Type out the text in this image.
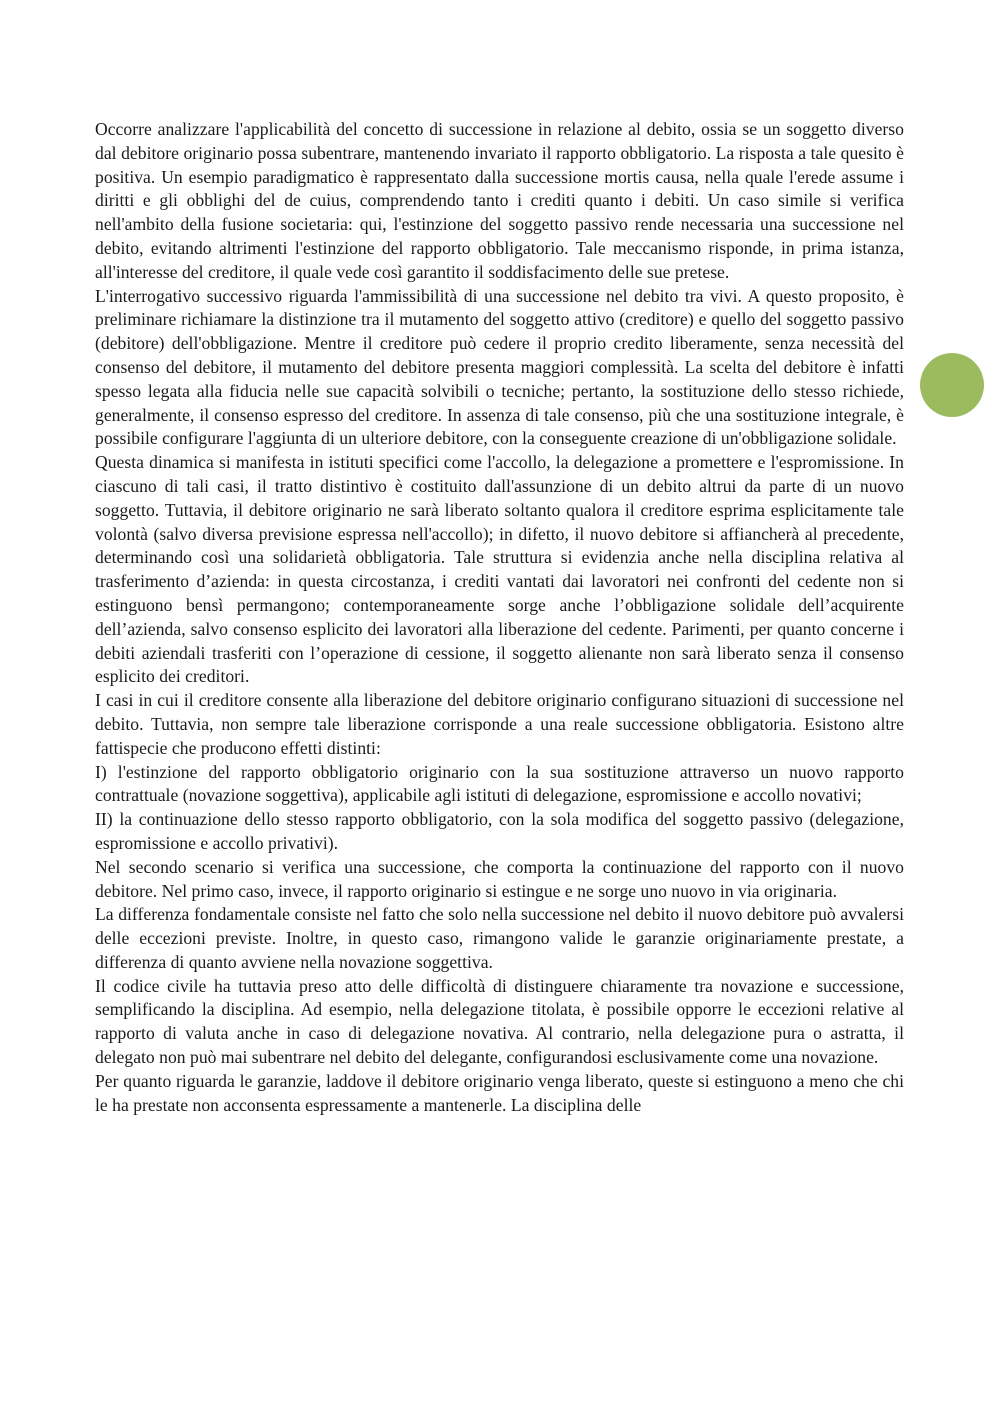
Occorre analizzare l'applicabilità del concetto di successione in relazione al debito, ossia se un soggetto diverso dal debitore originario possa subentrare, mantenendo invariato il rapporto obbligatorio. La risposta a tale quesito è positiva. Un esempio paradigmatico è rappresentato dalla successione mortis causa, nella quale l'erede assume i diritti e gli obblighi del de cuius, comprendendo tanto i crediti quanto i debiti. Un caso simile si verifica nell'ambito della fusione societaria: qui, l'estinzione del soggetto passivo rende necessaria una successione nel debito, evitando altrimenti l'estinzione del rapporto obbligatorio. Tale meccanismo risponde, in prima istanza, all'interesse del creditore, il quale vede così garantito il soddisfacimento delle sue pretese.

L'interrogativo successivo riguarda l'ammissibilità di una successione nel debito tra vivi. A questo proposito, è preliminare richiamare la distinzione tra il mutamento del soggetto attivo (creditore) e quello del soggetto passivo (debitore) dell'obbligazione. Mentre il creditore può cedere il proprio credito liberamente, senza necessità del consenso del debitore, il mutamento del debitore presenta maggiori complessità. La scelta del debitore è infatti spesso legata alla fiducia nelle sue capacità solvibili o tecniche; pertanto, la sostituzione dello stesso richiede, generalmente, il consenso espresso del creditore. In assenza di tale consenso, più che una sostituzione integrale, è possibile configurare l'aggiunta di un ulteriore debitore, con la conseguente creazione di un'obbligazione solidale.

Questa dinamica si manifesta in istituti specifici come l'accollo, la delegazione a promettere e l'espromissione. In ciascuno di tali casi, il tratto distintivo è costituito dall'assunzione di un debito altrui da parte di un nuovo soggetto. Tuttavia, il debitore originario ne sarà liberato soltanto qualora il creditore esprima esplicitamente tale volontà (salvo diversa previsione espressa nell'accollo); in difetto, il nuovo debitore si affiancherà al precedente, determinando così una solidarietà obbligatoria. Tale struttura si evidenzia anche nella disciplina relativa al trasferimento d’azienda: in questa circostanza, i crediti vantati dai lavoratori nei confronti del cedente non si estinguono bensì permangono; contemporaneamente sorge anche l’obbligazione solidale dell’acquirente dell’azienda, salvo consenso esplicito dei lavoratori alla liberazione del cedente. Parimenti, per quanto concerne i debiti aziendali trasferiti con l’operazione di cessione, il soggetto alienante non sarà liberato senza il consenso esplicito dei creditori.

I casi in cui il creditore consente alla liberazione del debitore originario configurano situazioni di successione nel debito. Tuttavia, non sempre tale liberazione corrisponde a una reale successione obbligatoria. Esistono altre fattispecie che producono effetti distinti:

I) l'estinzione del rapporto obbligatorio originario con la sua sostituzione attraverso un nuovo rapporto contrattuale (novazione soggettiva), applicabile agli istituti di delegazione, espromissione e accollo novativi;

II) la continuazione dello stesso rapporto obbligatorio, con la sola modifica del soggetto passivo (delegazione, espromissione e accollo privativi).

Nel secondo scenario si verifica una successione, che comporta la continuazione del rapporto con il nuovo debitore. Nel primo caso, invece, il rapporto originario si estingue e ne sorge uno nuovo in via originaria.

La differenza fondamentale consiste nel fatto che solo nella successione nel debito il nuovo debitore può avvalersi delle eccezioni previste. Inoltre, in questo caso, rimangono valide le garanzie originariamente prestate, a differenza di quanto avviene nella novazione soggettiva.

Il codice civile ha tuttavia preso atto delle difficoltà di distinguere chiaramente tra novazione e successione, semplificando la disciplina. Ad esempio, nella delegazione titolata, è possibile opporre le eccezioni relative al rapporto di valuta anche in caso di delegazione novativa. Al contrario, nella delegazione pura o astratta, il delegato non può mai subentrare nel debito del delegante, configurandosi esclusivamente come una novazione.

Per quanto riguarda le garanzie, laddove il debitore originario venga liberato, queste si estinguono a meno che chi le ha prestate non acconsenta espressamente a mantenerle. La disciplina delle
